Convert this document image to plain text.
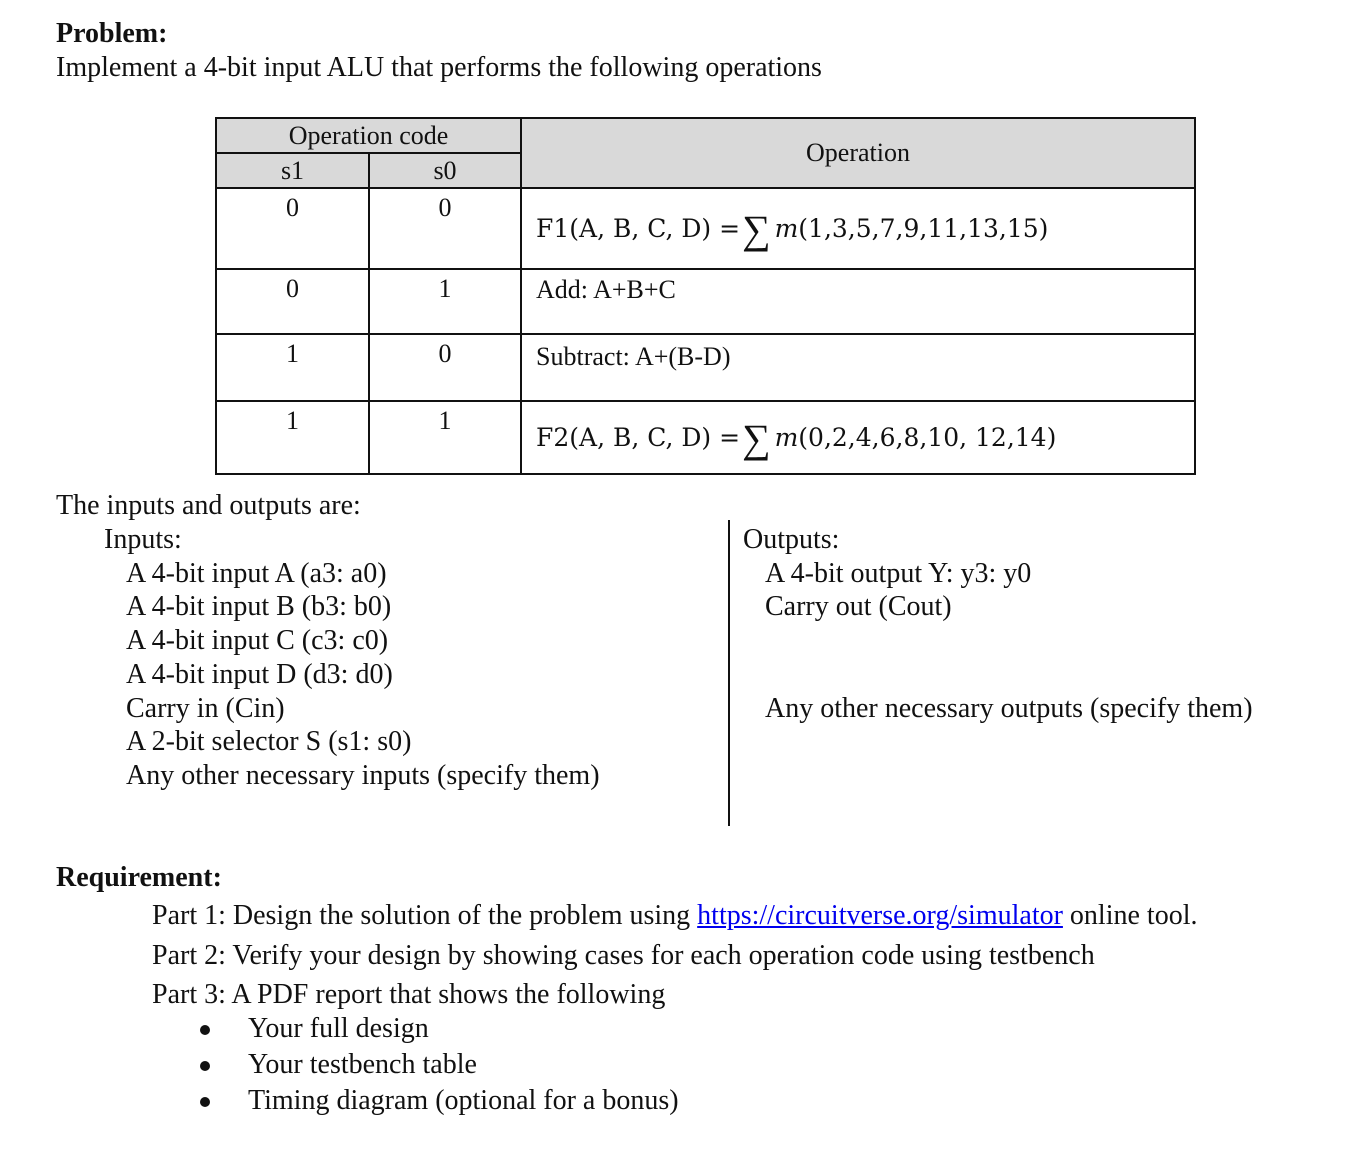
Problem:
Implement a 4-bit input ALU that performs the following operations
Operation code		Operation
s1	s0	
0	0	F1(A, B, C, D) =∑ m(1,3,5,7,9,11,13,15)
0	1	Add: A+B+C
1	0	Subtract: A+(B-D)
1	1	F2(A, B, C, D) =∑ m(0,2,4,6,8,10, 12,14)
The inputs and outputs are:
Inputs:
A 4-bit input A (a3: a0)
A 4-bit input B (b3: b0)
A 4-bit input C (c3: c0)
A 4-bit input D (d3: d0)
Carry in (Cin)
A 2-bit selector S (s1: s0)
Any other necessary inputs (specify them)
Outputs:
A 4-bit output Y: y3: y0
Carry out (Cout)
Any other necessary outputs (specify them)
Requirement:
Part 1: Design the solution of the problem using https://circuitverse.org/simulator online tool.
Part 2: Verify your design by showing cases for each operation code using testbench
Part 3: A PDF report that shows the following
Your full design
Your testbench table
Timing diagram (optional for a bonus)
